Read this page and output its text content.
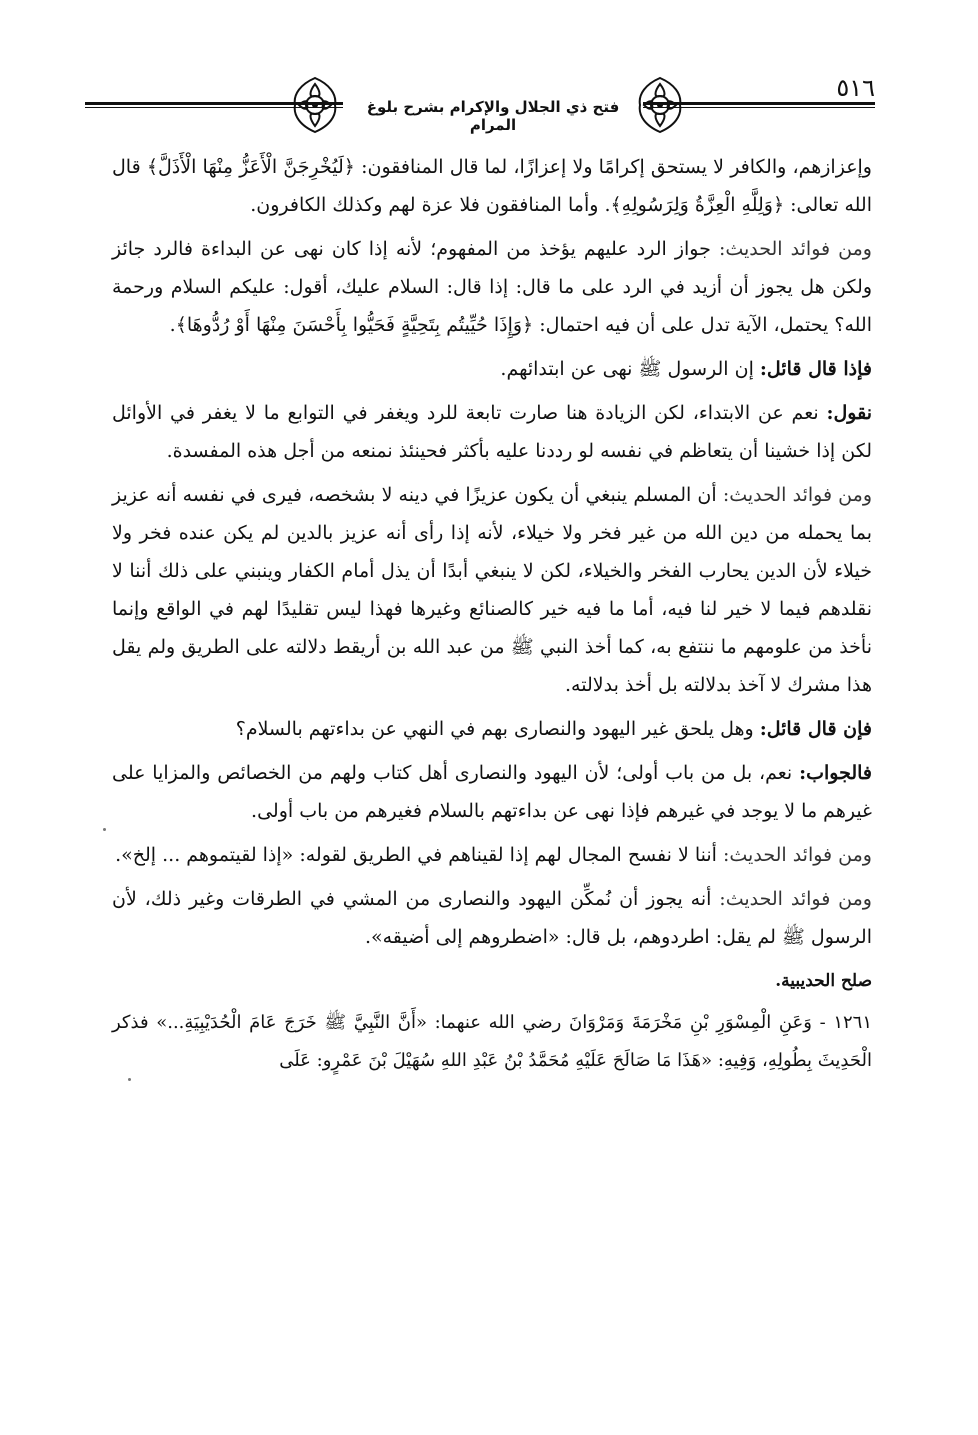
فتح ذي الجلال والإكرام بشرح بلوغ المرام
٥١٦

وإعزازهم، والكافر لا يستحق إكرامًا ولا إعزازًا، لما قال المنافقون: ﴿لَيُخْرِجَنَّ الْأَعَزُّ مِنْهَا الْأَذَلَّ﴾ قال الله تعالى: ﴿وَلِلَّهِ الْعِزَّةُ وَلِرَسُولِهِ﴾. وأما المنافقون فلا عزة لهم وكذلك الكافرون.

ومن فوائد الحديث: جواز الرد عليهم يؤخذ من المفهوم؛ لأنه إذا كان نهى عن البداءة فالرد جائز ولكن هل يجوز أن أزيد في الرد على ما قال: إذا قال: السلام عليك، أقول: عليكم السلام ورحمة الله؟ يحتمل، الآية تدل على أن فيه احتمال: ﴿وَإِذَا حُيِّيتُم بِتَحِيَّةٍ فَحَيُّوا بِأَحْسَنَ مِنْهَا أَوْ رُدُّوهَا﴾.

فإذا قال قائل: إن الرسول ﷺ نهى عن ابتدائهم.

نقول: نعم عن الابتداء، لكن الزيادة هنا صارت تابعة للرد ويغفر في التوابع ما لا يغفر في الأوائل لكن إذا خشينا أن يتعاظم في نفسه لو رددنا عليه بأكثر فحينئذ نمنعه من أجل هذه المفسدة.

ومن فوائد الحديث: أن المسلم ينبغي أن يكون عزيزًا في دينه لا بشخصه، فيرى في نفسه أنه عزيز بما يحمله من دين الله من غير فخر ولا خيلاء، لأنه إذا رأى أنه عزيز بالدين لم يكن عنده فخر ولا خيلاء لأن الدين يحارب الفخر والخيلاء، لكن لا ينبغي أبدًا أن يذل أمام الكفار وينبني على ذلك أننا لا نقلدهم فيما لا خير لنا فيه، أما ما فيه خير كالصنائع وغيرها فهذا ليس تقليدًا لهم في الواقع وإنما نأخذ من علومهم ما ننتفع به، كما أخذ النبي ﷺ من عبد الله بن أريقط دلالته على الطريق ولم يقل هذا مشرك لا آخذ بدلالته بل أخذ بدلالته.

فإن قال قائل: وهل يلحق غير اليهود والنصارى بهم في النهي عن بداءتهم بالسلام؟

فالجواب: نعم، بل من باب أولى؛ لأن اليهود والنصارى أهل كتاب ولهم من الخصائص والمزايا على غيرهم ما لا يوجد في غيرهم فإذا نهى عن بداءتهم بالسلام فغيرهم من باب أولى.

ومن فوائد الحديث: أننا لا نفسح المجال لهم إذا لقيناهم في الطريق لقوله: «إذا لقيتموهم ... إلخ».

ومن فوائد الحديث: أنه يجوز أن نُمكِّن اليهود والنصارى من المشي في الطرقات وغير ذلك، لأن الرسول ﷺ لم يقل: اطردوهم، بل قال: «اضطروهم إلى أضيقه».

صلح الحديبية.

١٢٦١ - وَعَنِ الْمِسْوَرِ بْنِ مَخْرَمَةَ وَمَرْوَانَ رضي الله عنهما: «أَنَّ النَّبِيَّ ﷺ خَرَجَ عَامَ الْحُدَيْبِيَةِ...» فذكر الْحَدِيثَ بِطُولِهِ، وَفِيهِ: «هَذَا مَا صَالَحَ عَلَيْهِ مُحَمَّدُ بْنُ عَبْدِ اللهِ سُهَيْلَ بْنَ عَمْرٍو: عَلَى
